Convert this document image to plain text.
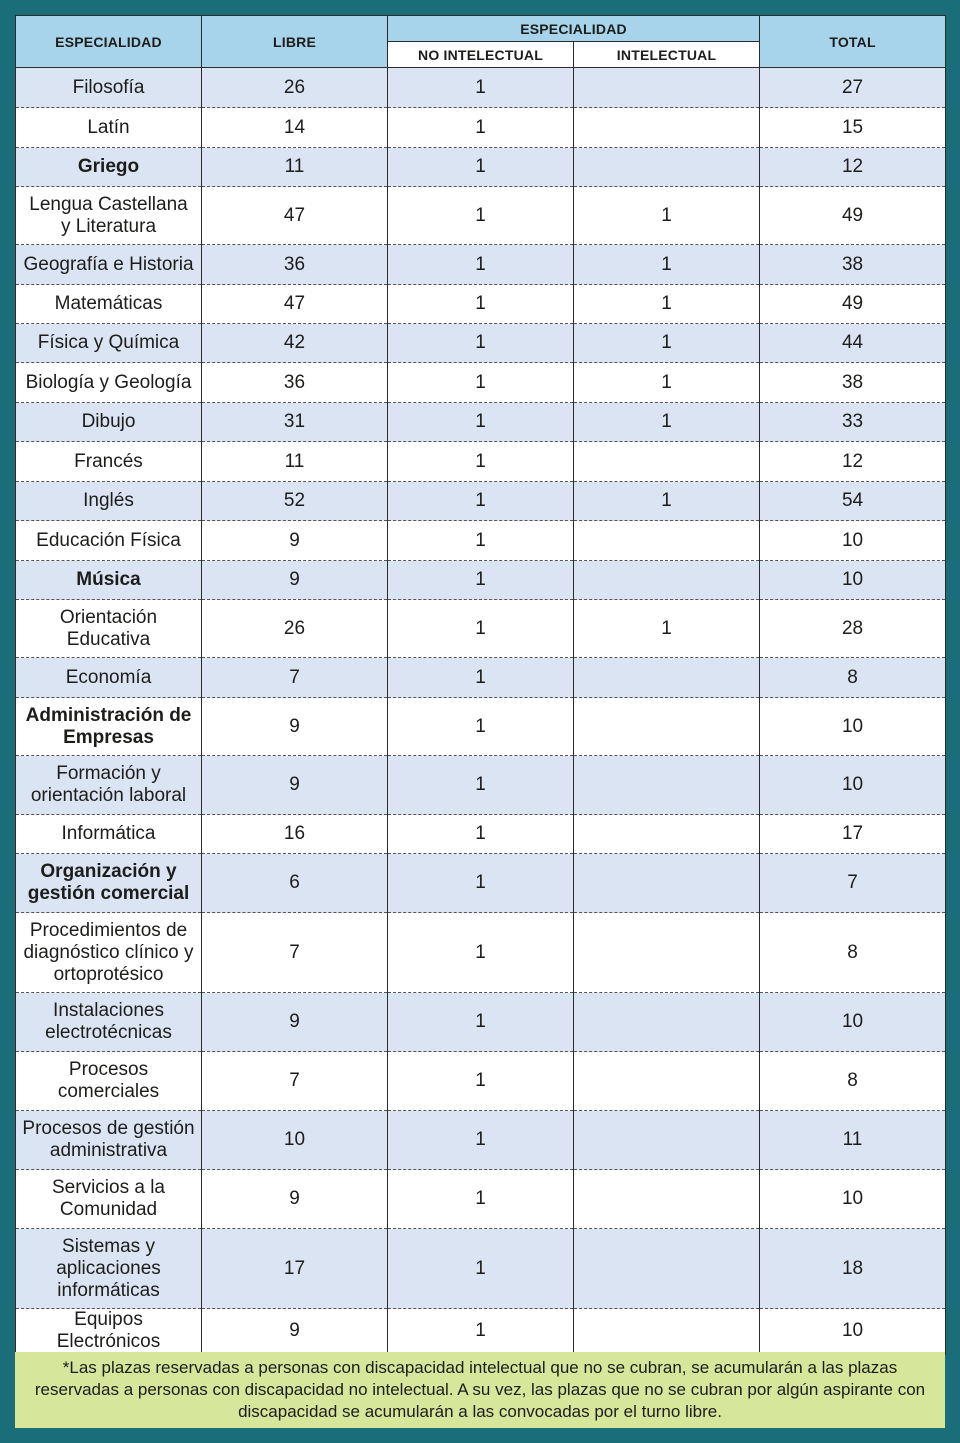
ESPECIALIDAD	LIBRE	ESPECIALIDAD		TOTAL
		NO INTELECTUAL	INTELECTUAL	
Filosofía	26	1		27
Latín	14	1		15
Griego	11	1		12
Lengua Castellana y Literatura	47	1	1	49
Geografía e Historia	36	1	1	38
Matemáticas	47	1	1	49
Física y Química	42	1	1	44
Biología y Geología	36	1	1	38
Dibujo	31	1	1	33
Francés	11	1		12
Inglés	52	1	1	54
Educación Física	9	1		10
Música	9	1		10
Orientación Educativa	26	1	1	28
Economía	7	1		8
Administración de Empresas	9	1		10
Formación y orientación laboral	9	1		10
Informática	16	1		17
Organización y gestión comercial	6	1		7
Procedimientos de diagnóstico clínico y ortoprotésico	7	1		8
Instalaciones electrotécnicas	9	1		10
Procesos comerciales	7	1		8
Procesos de gestión administrativa	10	1		11
Servicios a la Comunidad	9	1		10
Sistemas y aplicaciones informáticas	17	1		18
Equipos Electrónicos	9	1		10
*Las plazas reservadas a personas con discapacidad intelectual que no se cubran, se acumularán a las plazas reservadas a personas con discapacidad no intelectual. A su vez, las plazas que no se cubran por algún aspirante con discapacidad se acumularán a las convocadas por el turno libre.
